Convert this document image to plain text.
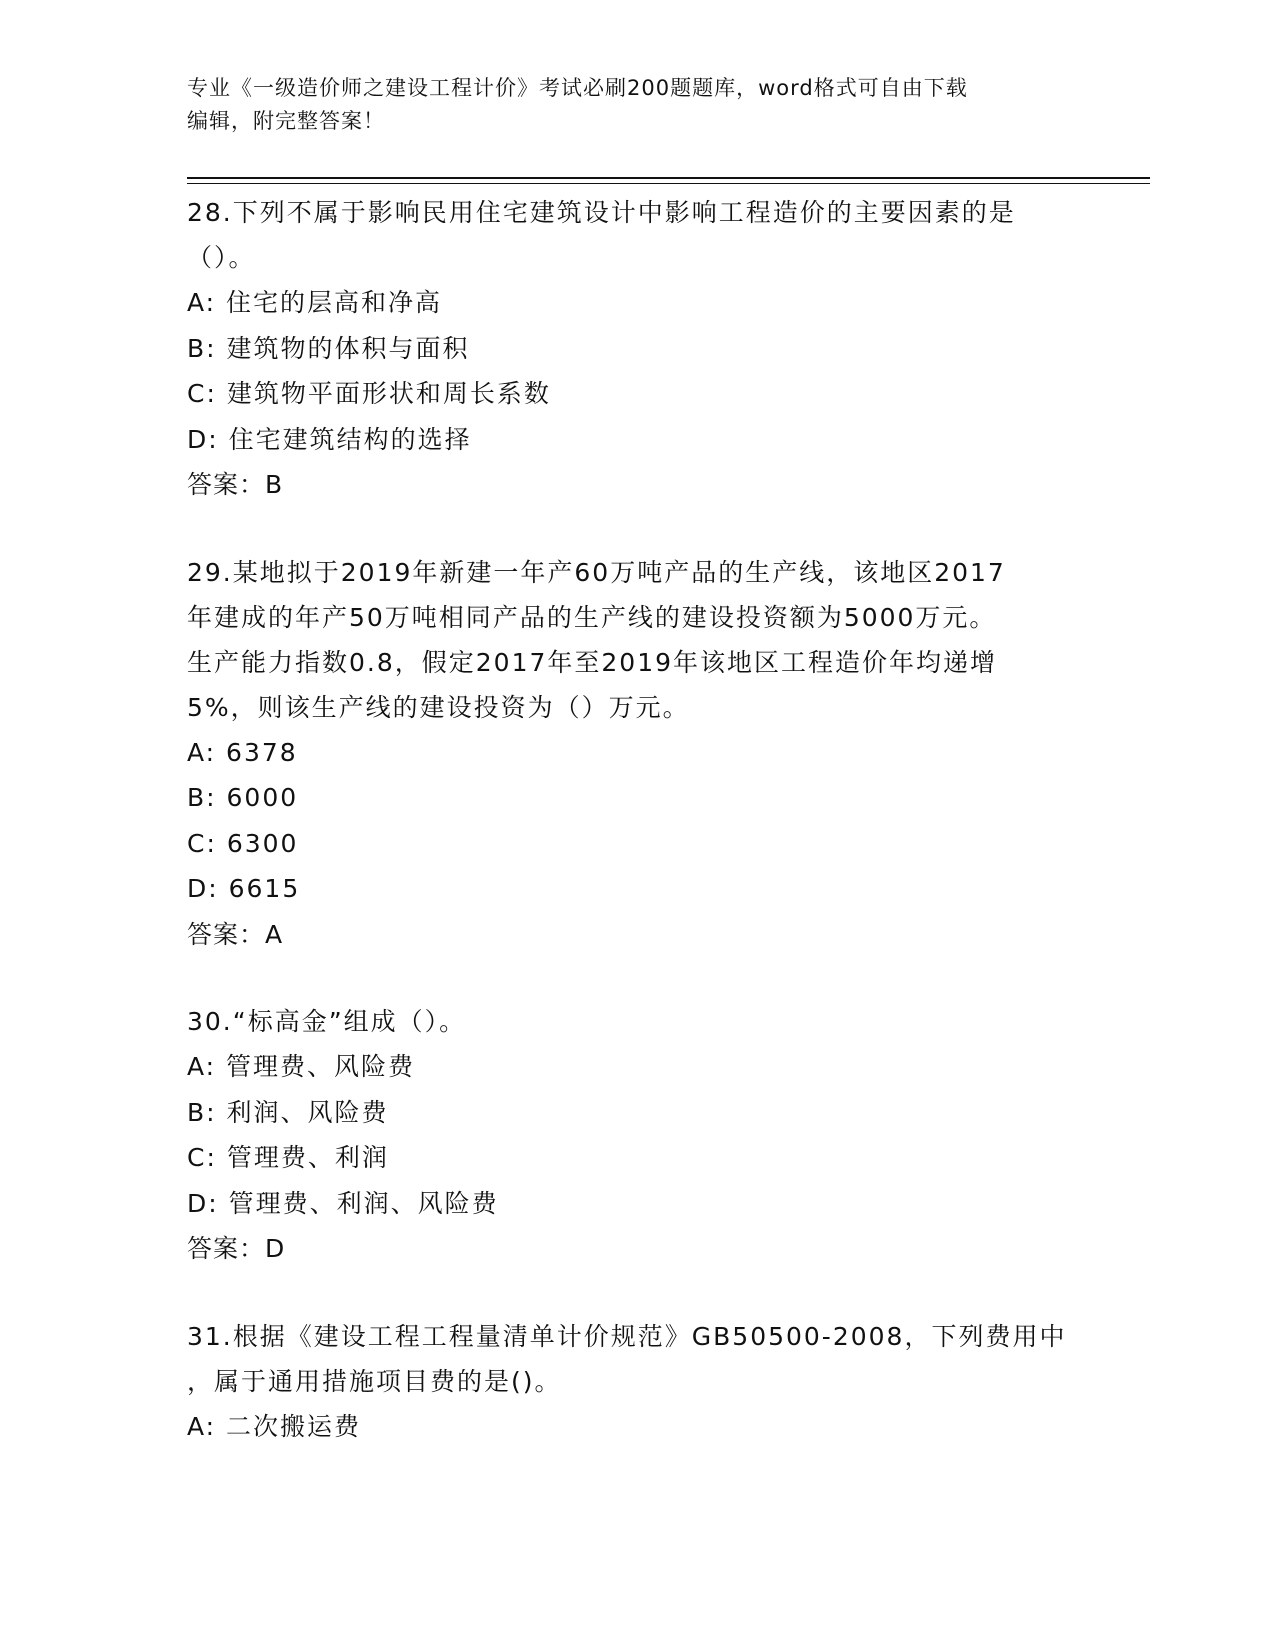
专业《一级造价师之建设工程计价》考试必刷200题题库，word格式可自由下载
编辑，附完整答案！

28.下列不属于影响民用住宅建筑设计中影响工程造价的主要因素的是

（）。

A: 住宅的层高和净高

B: 建筑物的体积与面积

C: 建筑物平面形状和周长系数

D: 住宅建筑结构的选择

答案：B

29.某地拟于2019年新建一年产60万吨产品的生产线，该地区2017

年建成的年产50万吨相同产品的生产线的建设投资额为5000万元。

生产能力指数0.8，假定2017年至2019年该地区工程造价年均递增

5%，则该生产线的建设投资为（）万元。

A: 6378

B: 6000

C: 6300

D: 6615

答案：A

30.“标高金”组成（）。

A: 管理费、风险费

B: 利润、风险费

C: 管理费、利润

D: 管理费、利润、风险费

答案：D

31.根据《建设工程工程量清单计价规范》GB50500-2008，下列费用中

，属于通用措施项目费的是()。

A: 二次搬运费
